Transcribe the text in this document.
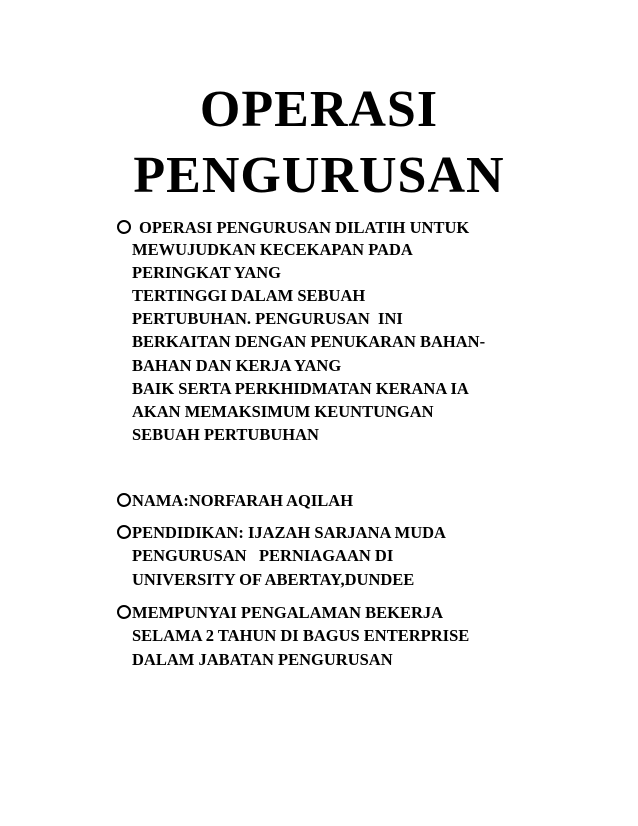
OPERASI
PENGURUSAN

OPERASI PENGURUSAN DILATIH UNTUK

MEWUJUDKAN KECEKAPAN PADA

PERINGKAT YANG

TERTINGGI DALAM SEBUAH

PERTUBUHAN. PENGURUSAN  INI

BERKAITAN DENGAN PENUKARAN BAHAN-

BAHAN DAN KERJA YANG

BAIK SERTA PERKHIDMATAN KERANA IA

AKAN MEMAKSIMUM KEUNTUNGAN

SEBUAH PERTUBUHAN

NAMA:NORFARAH AQILAH

PENDIDIKAN: IJAZAH SARJANA MUDA

PENGURUSAN   PERNIAGAAN DI

UNIVERSITY OF ABERTAY,DUNDEE

MEMPUNYAI PENGALAMAN BEKERJA

SELAMA 2 TAHUN DI BAGUS ENTERPRISE

DALAM JABATAN PENGURUSAN
